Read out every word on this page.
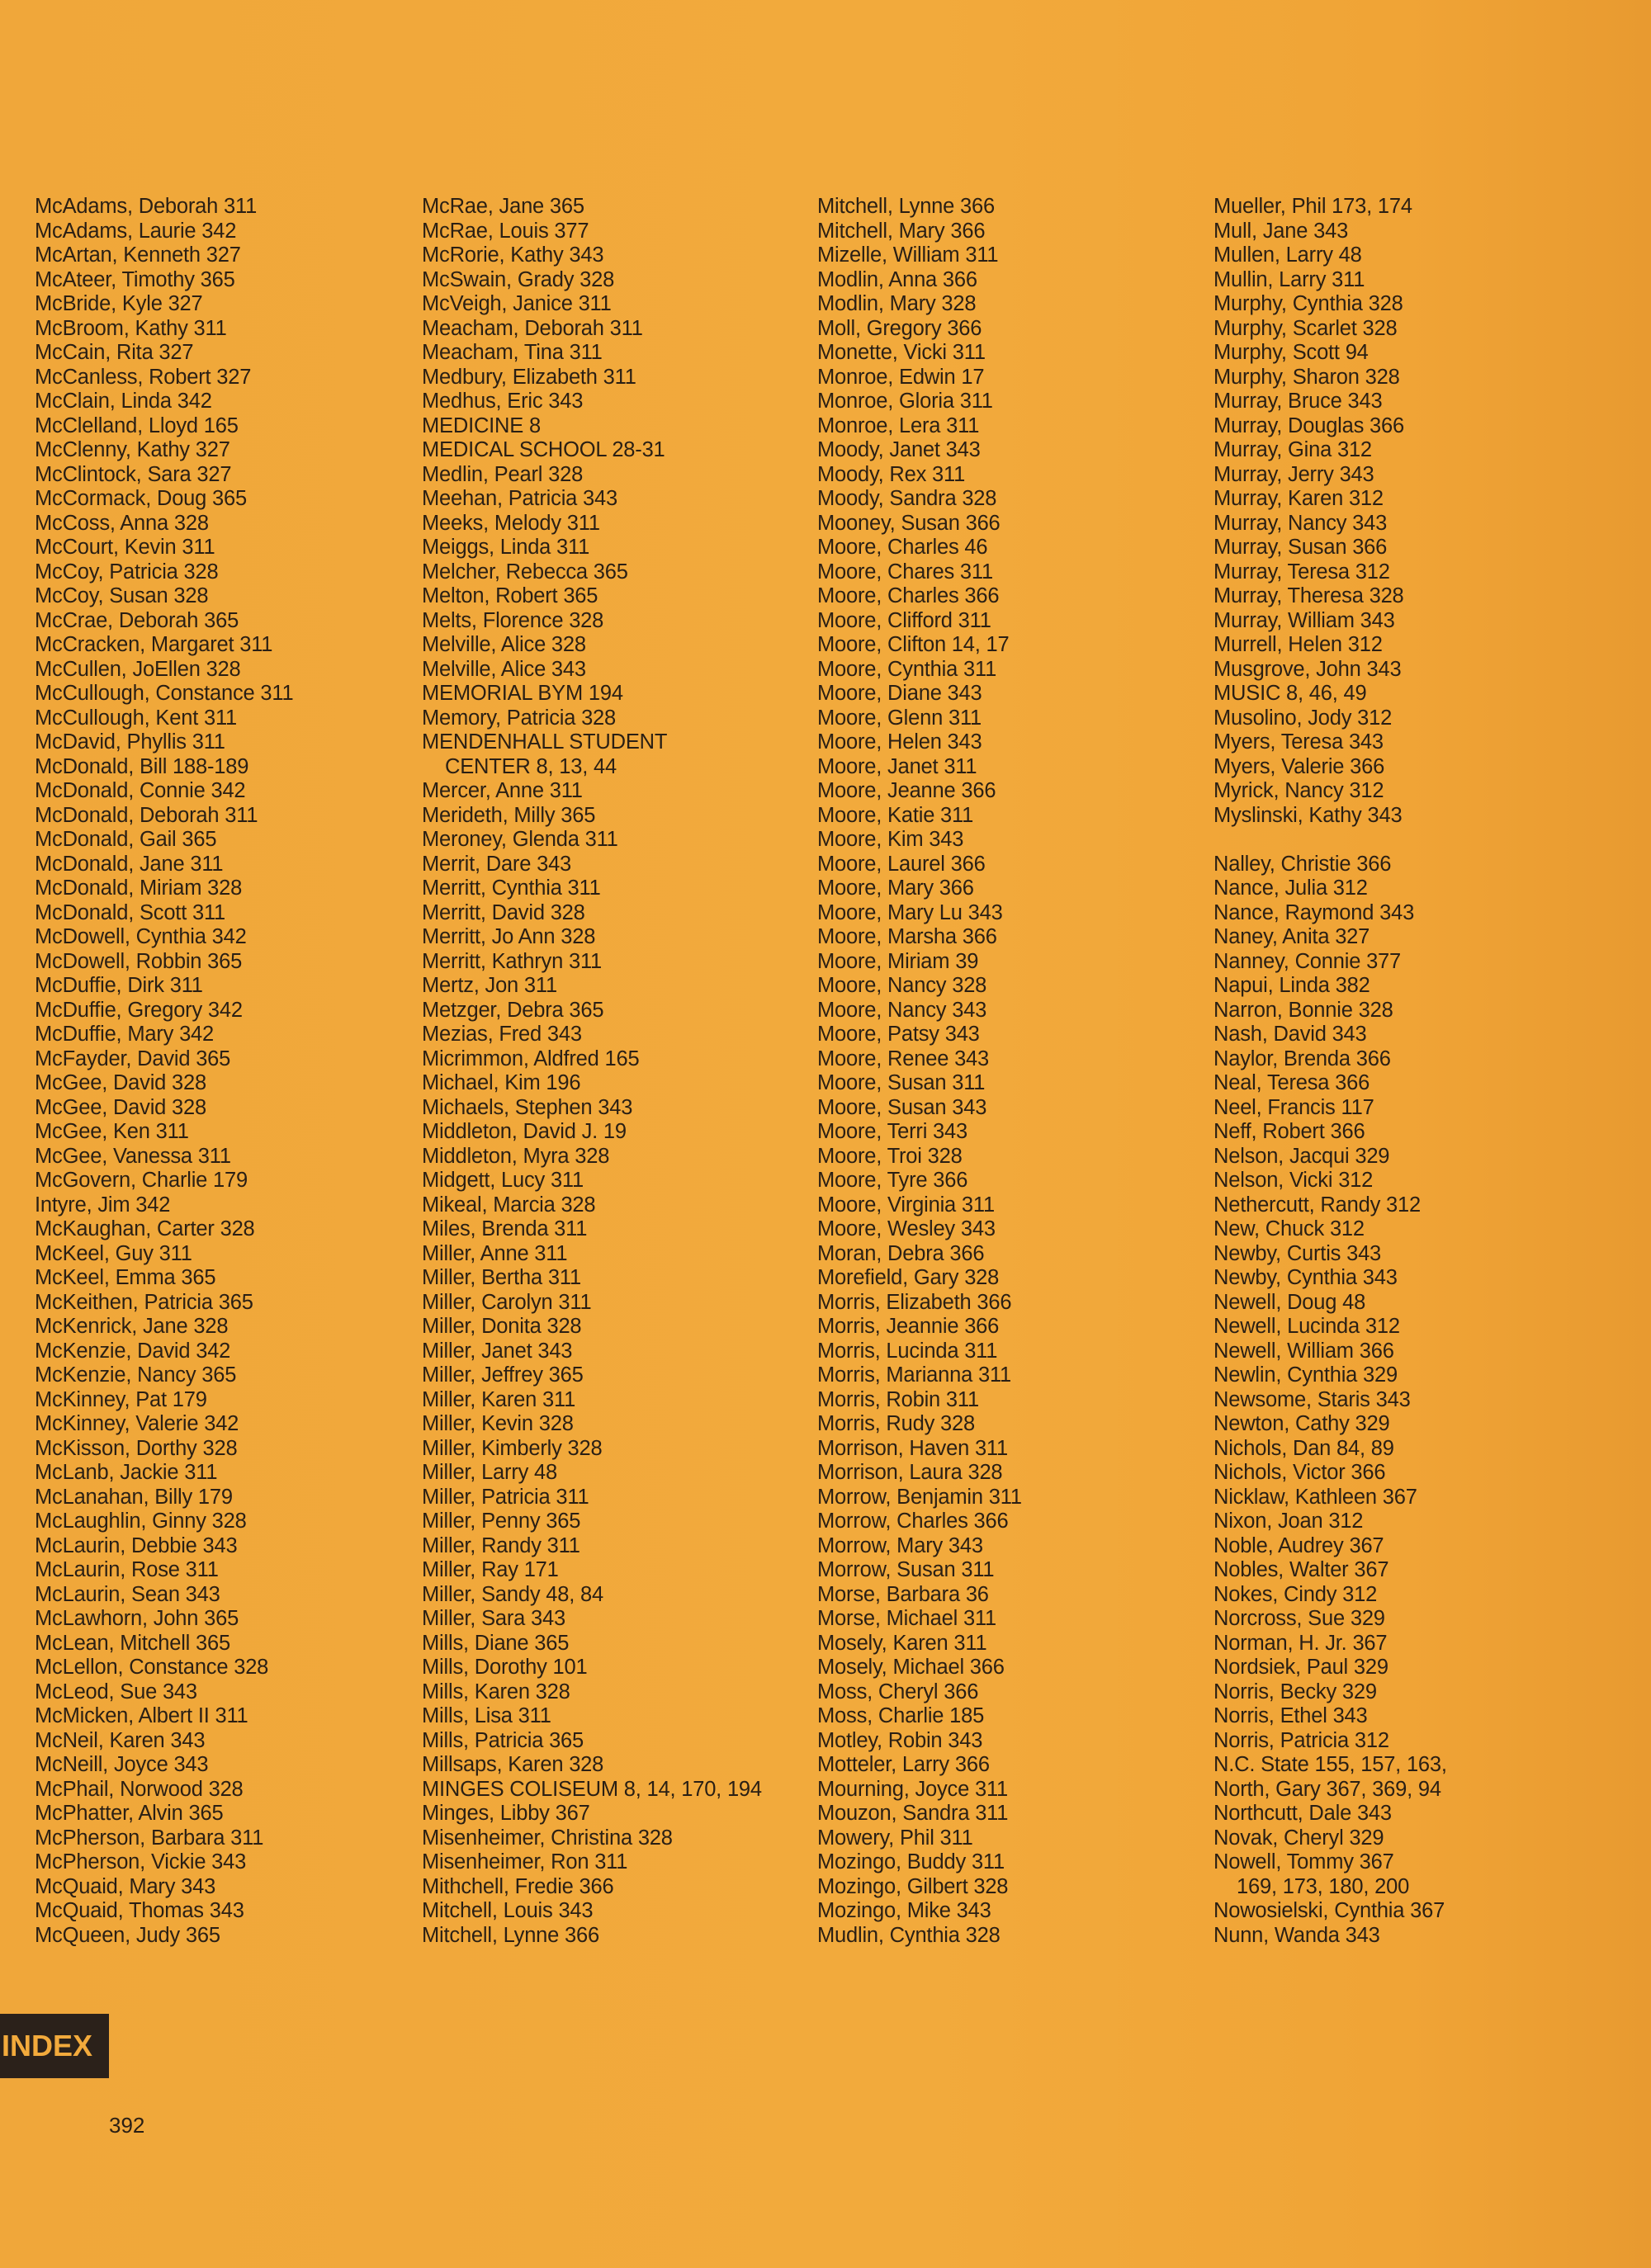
McAdams, Deborah 311
McAdams, Laurie 342
McArtan, Kenneth 327
McAteer, Timothy 365
McBride, Kyle 327
McBroom, Kathy 311
McCain, Rita 327
McCanless, Robert 327
McClain, Linda 342
McClelland, Lloyd 165
McClenny, Kathy 327
McClintock, Sara 327
McCormack, Doug 365
McCoss, Anna 328
McCourt, Kevin 311
McCoy, Patricia 328
McCoy, Susan 328
McCrae, Deborah 365
McCracken, Margaret 311
McCullen, JoEllen 328
McCullough, Constance 311
McCullough, Kent 311
McDavid, Phyllis 311
McDonald, Bill 188-189
McDonald, Connie 342
McDonald, Deborah 311
McDonald, Gail 365
McDonald, Jane 311
McDonald, Miriam 328
McDonald, Scott 311
McDowell, Cynthia 342
McDowell, Robbin 365
McDuffie, Dirk 311
McDuffie, Gregory 342
McDuffie, Mary 342
McFayder, David 365
McGee, David 328
McGee, David 328
McGee, Ken 311
McGee, Vanessa 311
McGovern, Charlie 179
Intyre, Jim 342
McKaughan, Carter 328
McKeel, Guy 311
McKeel, Emma 365
McKeithen, Patricia 365
McKenrick, Jane 328
McKenzie, David 342
McKenzie, Nancy 365
McKinney, Pat 179
McKinney, Valerie 342
McKisson, Dorthy 328
McLanb, Jackie 311
McLanahan, Billy 179
McLaughlin, Ginny 328
McLaurin, Debbie 343
McLaurin, Rose 311
McLaurin, Sean 343
McLawhorn, John 365
McLean, Mitchell 365
McLellon, Constance 328
McLeod, Sue 343
McMicken, Albert II 311
McNeil, Karen 343
McNeill, Joyce 343
McPhail, Norwood 328
McPhatter, Alvin 365
McPherson, Barbara 311
McPherson, Vickie 343
McQuaid, Mary 343
McQuaid, Thomas 343
McQueen, Judy 365
McRae, Jane 365
McRae, Louis 377
McRorie, Kathy 343
McSwain, Grady 328
McVeigh, Janice 311
Meacham, Deborah 311
Meacham, Tina 311
Medbury, Elizabeth 311
Medhus, Eric 343
MEDICINE 8
MEDICAL SCHOOL 28-31
Medlin, Pearl 328
Meehan, Patricia 343
Meeks, Melody 311
Meiggs, Linda 311
Melcher, Rebecca 365
Melton, Robert 365
Melts, Florence 328
Melville, Alice 328
Melville, Alice 343
MEMORIAL BYM 194
Memory, Patricia 328
MENDENHALL STUDENT
CENTER 8, 13, 44
Mercer, Anne 311
Merideth, Milly 365
Meroney, Glenda 311
Merrit, Dare 343
Merritt, Cynthia 311
Merritt, David 328
Merritt, Jo Ann 328
Merritt, Kathryn 311
Mertz, Jon 311
Metzger, Debra 365
Mezias, Fred 343
Micrimmon, Aldfred 165
Michael, Kim 196
Michaels, Stephen 343
Middleton, David J. 19
Middleton, Myra 328
Midgett, Lucy 311
Mikeal, Marcia 328
Miles, Brenda 311
Miller, Anne 311
Miller, Bertha 311
Miller, Carolyn 311
Miller, Donita 328
Miller, Janet 343
Miller, Jeffrey 365
Miller, Karen 311
Miller, Kevin 328
Miller, Kimberly 328
Miller, Larry 48
Miller, Patricia 311
Miller, Penny 365
Miller, Randy 311
Miller, Ray 171
Miller, Sandy 48, 84
Miller, Sara 343
Mills, Diane 365
Mills, Dorothy 101
Mills, Karen 328
Mills, Lisa 311
Mills, Patricia 365
Millsaps, Karen 328
MINGES COLISEUM 8, 14, 170, 194
Minges, Libby 367
Misenheimer, Christina 328
Misenheimer, Ron 311
Mithchell, Fredie 366
Mitchell, Louis 343
Mitchell, Lynne 366
Mitchell, Lynne 366
Mitchell, Mary 366
Mizelle, William 311
Modlin, Anna 366
Modlin, Mary 328
Moll, Gregory 366
Monette, Vicki 311
Monroe, Edwin 17
Monroe, Gloria 311
Monroe, Lera 311
Moody, Janet 343
Moody, Rex 311
Moody, Sandra 328
Mooney, Susan 366
Moore, Charles 46
Moore, Chares 311
Moore, Charles 366
Moore, Clifford 311
Moore, Clifton 14, 17
Moore, Cynthia 311
Moore, Diane 343
Moore, Glenn 311
Moore, Helen 343
Moore, Janet 311
Moore, Jeanne 366
Moore, Katie 311
Moore, Kim 343
Moore, Laurel 366
Moore, Mary 366
Moore, Mary Lu 343
Moore, Marsha 366
Moore, Miriam 39
Moore, Nancy 328
Moore, Nancy 343
Moore, Patsy 343
Moore, Renee 343
Moore, Susan 311
Moore, Susan 343
Moore, Terri 343
Moore, Troi 328
Moore, Tyre 366
Moore, Virginia 311
Moore, Wesley 343
Moran, Debra 366
Morefield, Gary 328
Morris, Elizabeth 366
Morris, Jeannie 366
Morris, Lucinda 311
Morris, Marianna 311
Morris, Robin 311
Morris, Rudy 328
Morrison, Haven 311
Morrison, Laura 328
Morrow, Benjamin 311
Morrow, Charles 366
Morrow, Mary 343
Morrow, Susan 311
Morse, Barbara 36
Morse, Michael 311
Mosely, Karen 311
Mosely, Michael 366
Moss, Cheryl 366
Moss, Charlie 185
Motley, Robin 343
Motteler, Larry 366
Mourning, Joyce 311
Mouzon, Sandra 311
Mowery, Phil 311
Mozingo, Buddy 311
Mozingo, Gilbert 328
Mozingo, Mike 343
Mudlin, Cynthia 328
Mueller, Phil 173, 174
Mull, Jane 343
Mullen, Larry 48
Mullin, Larry 311
Murphy, Cynthia 328
Murphy, Scarlet 328
Murphy, Scott 94
Murphy, Sharon 328
Murray, Bruce 343
Murray, Douglas 366
Murray, Gina 312
Murray, Jerry 343
Murray, Karen 312
Murray, Nancy 343
Murray, Susan 366
Murray, Teresa 312
Murray, Theresa 328
Murray, William 343
Murrell, Helen 312
Musgrove, John 343
MUSIC 8, 46, 49
Musolino, Jody 312
Myers, Teresa 343
Myers, Valerie 366
Myrick, Nancy 312
Myslinski, Kathy 343
Nalley, Christie 366
Nance, Julia 312
Nance, Raymond 343
Naney, Anita 327
Nanney, Connie 377
Napui, Linda 382
Narron, Bonnie 328
Nash, David 343
Naylor, Brenda 366
Neal, Teresa 366
Neel, Francis 117
Neff, Robert 366
Nelson, Jacqui 329
Nelson, Vicki 312
Nethercutt, Randy 312
New, Chuck 312
Newby, Curtis 343
Newby, Cynthia 343
Newell, Doug 48
Newell, Lucinda 312
Newell, William 366
Newlin, Cynthia 329
Newsome, Staris 343
Newton, Cathy 329
Nichols, Dan 84, 89
Nichols, Victor 366
Nicklaw, Kathleen 367
Nixon, Joan 312
Noble, Audrey 367
Nobles, Walter 367
Nokes, Cindy 312
Norcross, Sue 329
Norman, H. Jr. 367
Nordsiek, Paul 329
Norris, Becky 329
Norris, Ethel 343
Norris, Patricia 312
N.C. State 155, 157, 163,
North, Gary 367, 369, 94
Northcutt, Dale 343
Novak, Cheryl 329
Nowell, Tommy 367
169, 173, 180, 200
Nowosielski, Cynthia 367
Nunn, Wanda 343
INDEX
392
